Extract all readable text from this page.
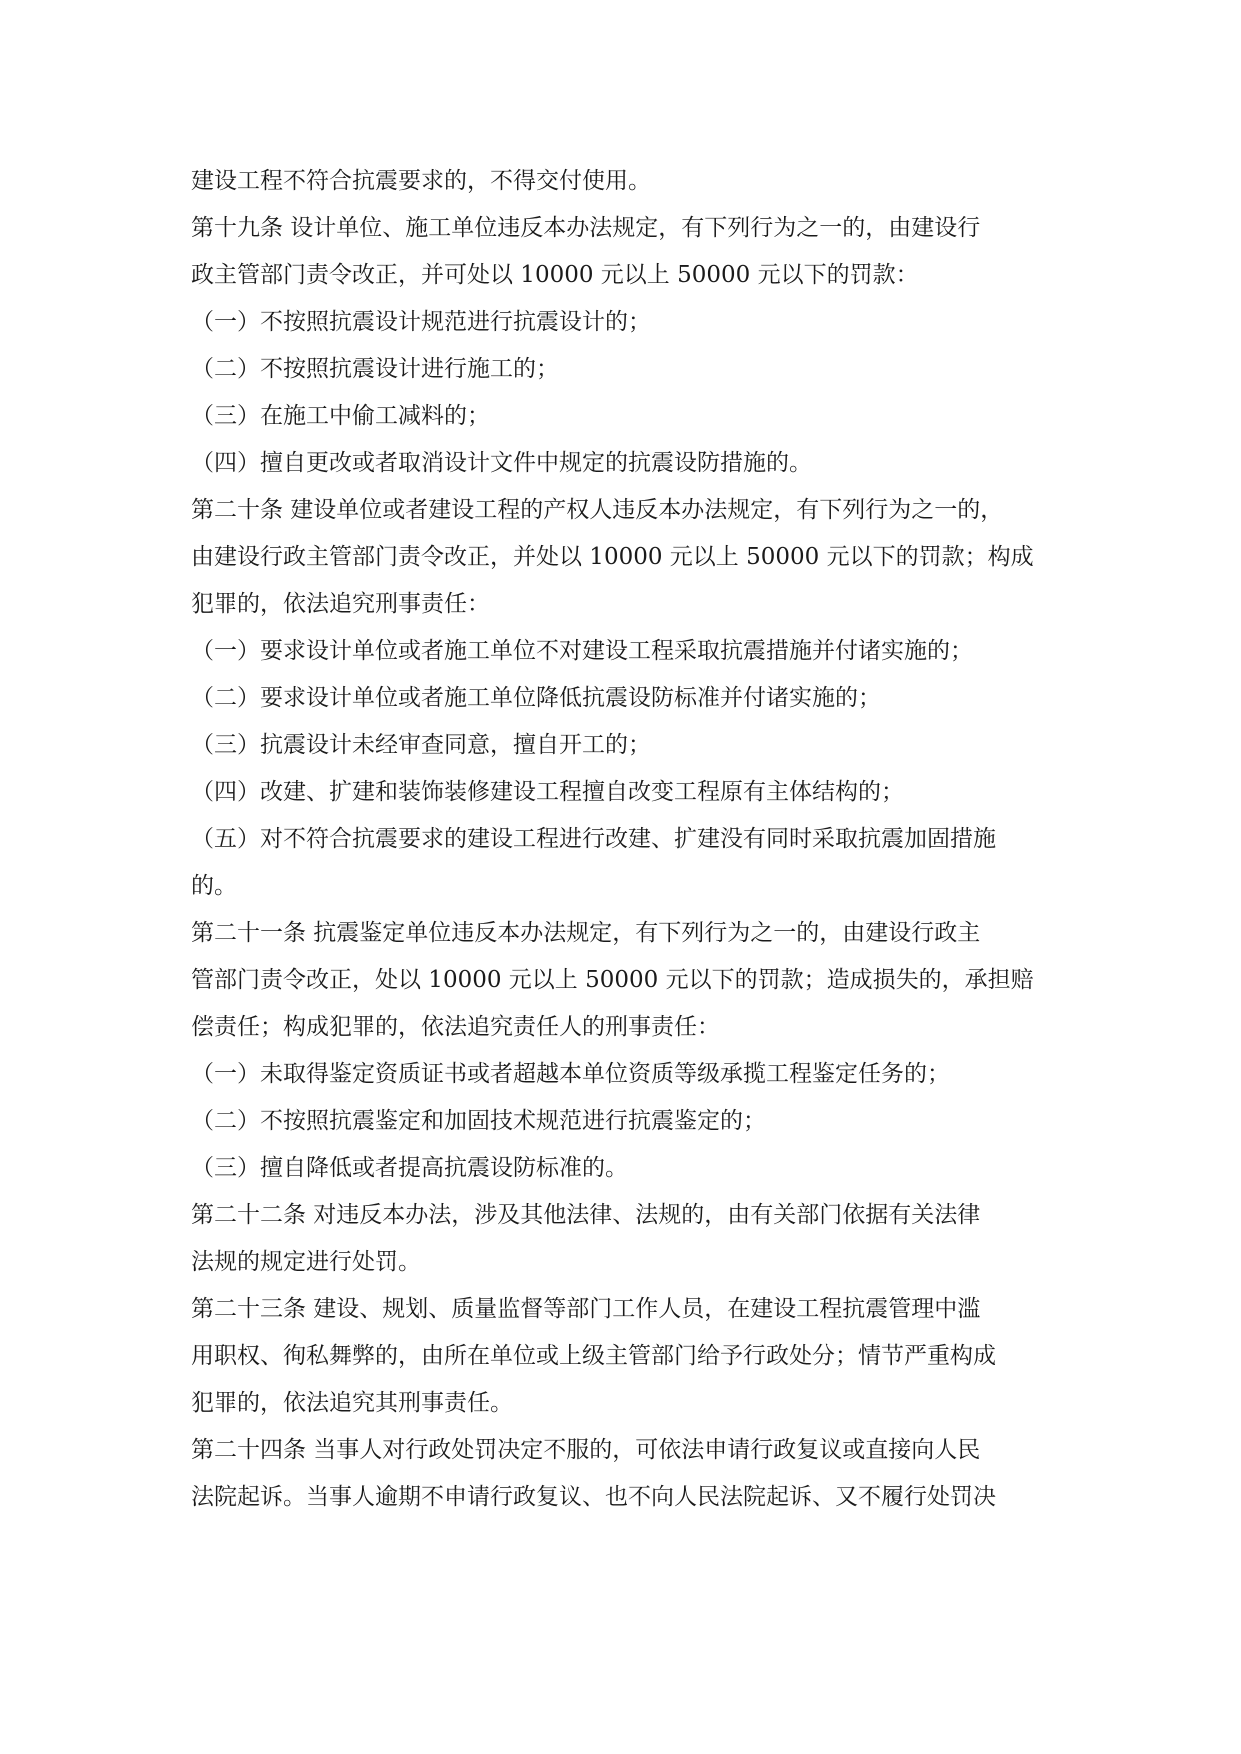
建设工程不符合抗震要求的，不得交付使用。
第十九条 设计单位、施工单位违反本办法规定，有下列行为之一的，由建设行
政主管部门责令改正，并可处以 10000 元以上 50000 元以下的罚款：
（一）不按照抗震设计规范进行抗震设计的；
（二）不按照抗震设计进行施工的；
（三）在施工中偷工减料的；
（四）擅自更改或者取消设计文件中规定的抗震设防措施的。
第二十条 建设单位或者建设工程的产权人违反本办法规定，有下列行为之一的，
由建设行政主管部门责令改正，并处以 10000 元以上 50000 元以下的罚款；构成
犯罪的，依法追究刑事责任：
（一）要求设计单位或者施工单位不对建设工程采取抗震措施并付诸实施的；
（二）要求设计单位或者施工单位降低抗震设防标准并付诸实施的；
（三）抗震设计未经审查同意，擅自开工的；
（四）改建、扩建和装饰装修建设工程擅自改变工程原有主体结构的；
（五）对不符合抗震要求的建设工程进行改建、扩建没有同时采取抗震加固措施
的。
第二十一条 抗震鉴定单位违反本办法规定，有下列行为之一的，由建设行政主
管部门责令改正，处以 10000 元以上 50000 元以下的罚款；造成损失的，承担赔
偿责任；构成犯罪的，依法追究责任人的刑事责任：
（一）未取得鉴定资质证书或者超越本单位资质等级承揽工程鉴定任务的；
（二）不按照抗震鉴定和加固技术规范进行抗震鉴定的；
（三）擅自降低或者提高抗震设防标准的。
第二十二条 对违反本办法，涉及其他法律、法规的，由有关部门依据有关法律
法规的规定进行处罚。
第二十三条 建设、规划、质量监督等部门工作人员，在建设工程抗震管理中滥
用职权、徇私舞弊的，由所在单位或上级主管部门给予行政处分；情节严重构成
犯罪的，依法追究其刑事责任。
第二十四条 当事人对行政处罚决定不服的，可依法申请行政复议或直接向人民
法院起诉。当事人逾期不申请行政复议、也不向人民法院起诉、又不履行处罚决
